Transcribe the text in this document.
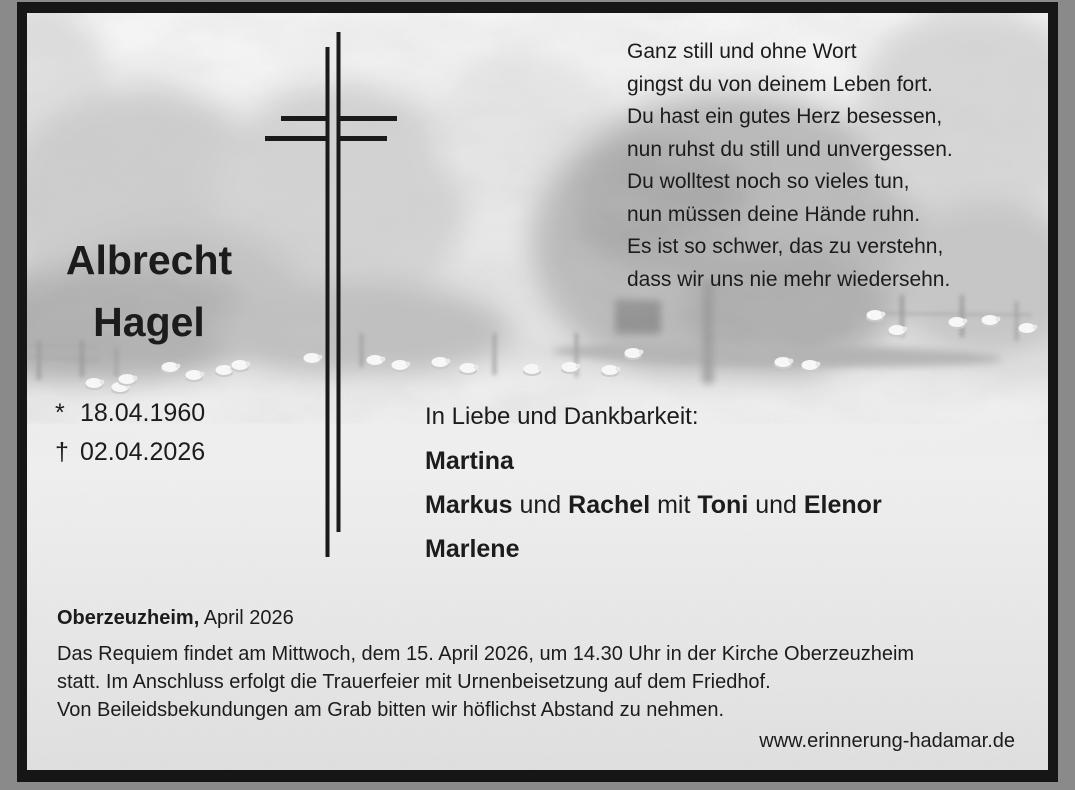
Ganz still und ohne Wort
gingst du von deinem Leben fort.
Du hast ein gutes Herz besessen,
nun ruhst du still und unvergessen.
Du wolltest noch so vieles tun,
nun müssen deine Hände ruhn.
Es ist so schwer, das zu verstehn,
dass wir uns nie mehr wiedersehn.
Albrecht
Hagel
* 18.04.1960
† 02.04.2026
In Liebe und Dankbarkeit:
Martina
Markus und Rachel mit Toni und Elenor
Marlene
Oberzeuzheim, April 2026
Das Requiem findet am Mittwoch, dem 15. April 2026, um 14.30 Uhr in der Kirche Oberzeuzheim
statt. Im Anschluss erfolgt die Trauerfeier mit Urnenbeisetzung auf dem Friedhof.
Von Beileidsbekundungen am Grab bitten wir höflichst Abstand zu nehmen.
www.erinnerung-hadamar.de
